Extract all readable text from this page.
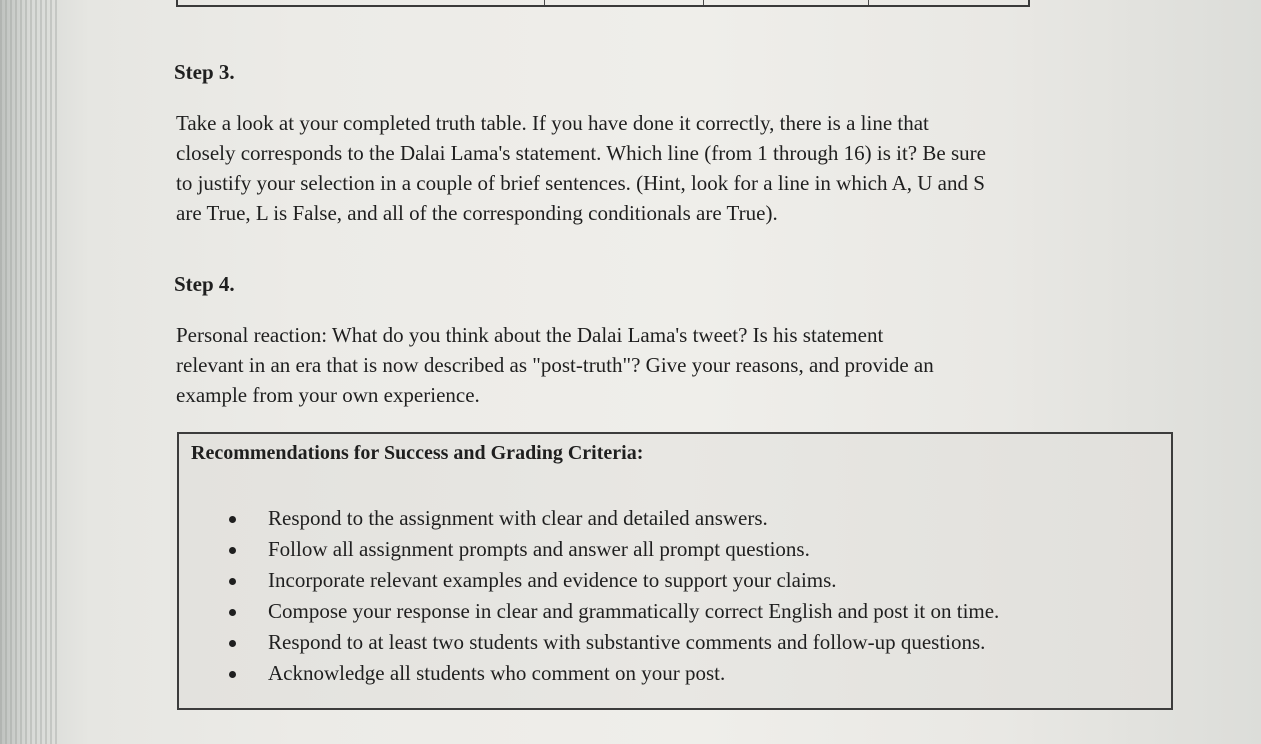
Step 3.

Take a look at your completed truth table. If you have done it correctly, there is a line that
closely corresponds to the Dalai Lama's statement. Which line (from 1 through 16) is it? Be sure
to justify your selection in a couple of brief sentences. (Hint, look for a line in which A, U and S
are True, L is False, and all of the corresponding conditionals are True).

Step 4.

Personal reaction: What do you think about the Dalai Lama's tweet? Is his statement
relevant in an era that is now described as "post-truth"? Give your reasons, and provide an
example from your own experience.

Recommendations for Success and Grading Criteria:
Respond to the assignment with clear and detailed answers.
Follow all assignment prompts and answer all prompt questions.
Incorporate relevant examples and evidence to support your claims.
Compose your response in clear and grammatically correct English and post it on time.
Respond to at least two students with substantive comments and follow-up questions.
Acknowledge all students who comment on your post.
